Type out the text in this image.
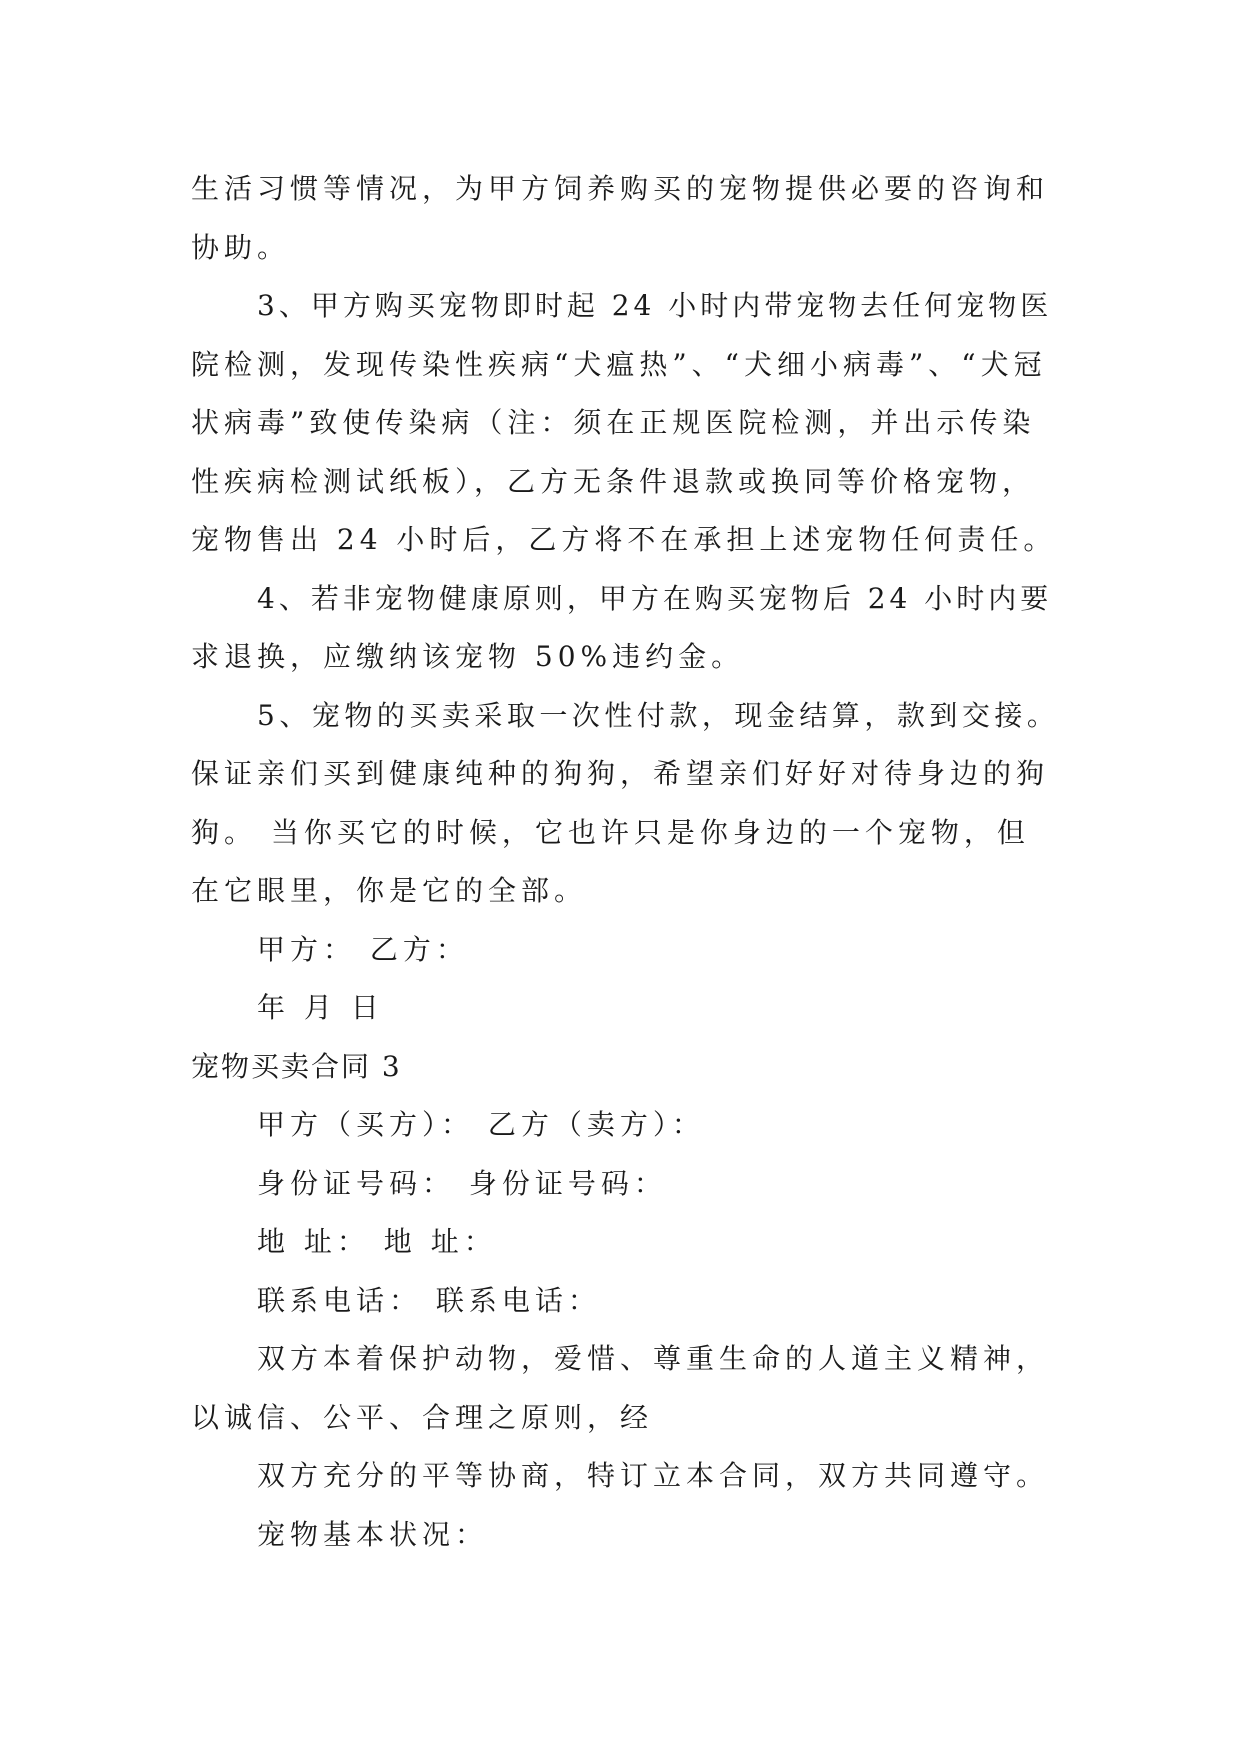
生活习惯等情况，为甲方饲养购买的宠物提供必要的咨询和
协助。
3、甲方购买宠物即时起 24 小时内带宠物去任何宠物医
院检测，发现传染性疾病“犬瘟热”、“犬细小病毒”、“犬冠
状病毒”致使传染病（注：须在正规医院检测，并出示传染
性疾病检测试纸板），乙方无条件退款或换同等价格宠物，
宠物售出 24 小时后，乙方将不在承担上述宠物任何责任。
4、若非宠物健康原则，甲方在购买宠物后 24 小时内要
求退换，应缴纳该宠物 50%违约金。
5、宠物的买卖采取一次性付款，现金结算，款到交接。
保证亲们买到健康纯种的狗狗，希望亲们好好对待身边的狗
狗。 当你买它的时候，它也许只是你身边的一个宠物，但
在它眼里，你是它的全部。
甲方： 乙方：
年 月 日
宠物买卖合同 3
甲方（买方）： 乙方（卖方）：
身份证号码： 身份证号码：
地 址： 地 址：
联系电话： 联系电话：
双方本着保护动物，爱惜、尊重生命的人道主义精神，
以诚信、公平、合理之原则，经
双方充分的平等协商，特订立本合同，双方共同遵守。
宠物基本状况：
